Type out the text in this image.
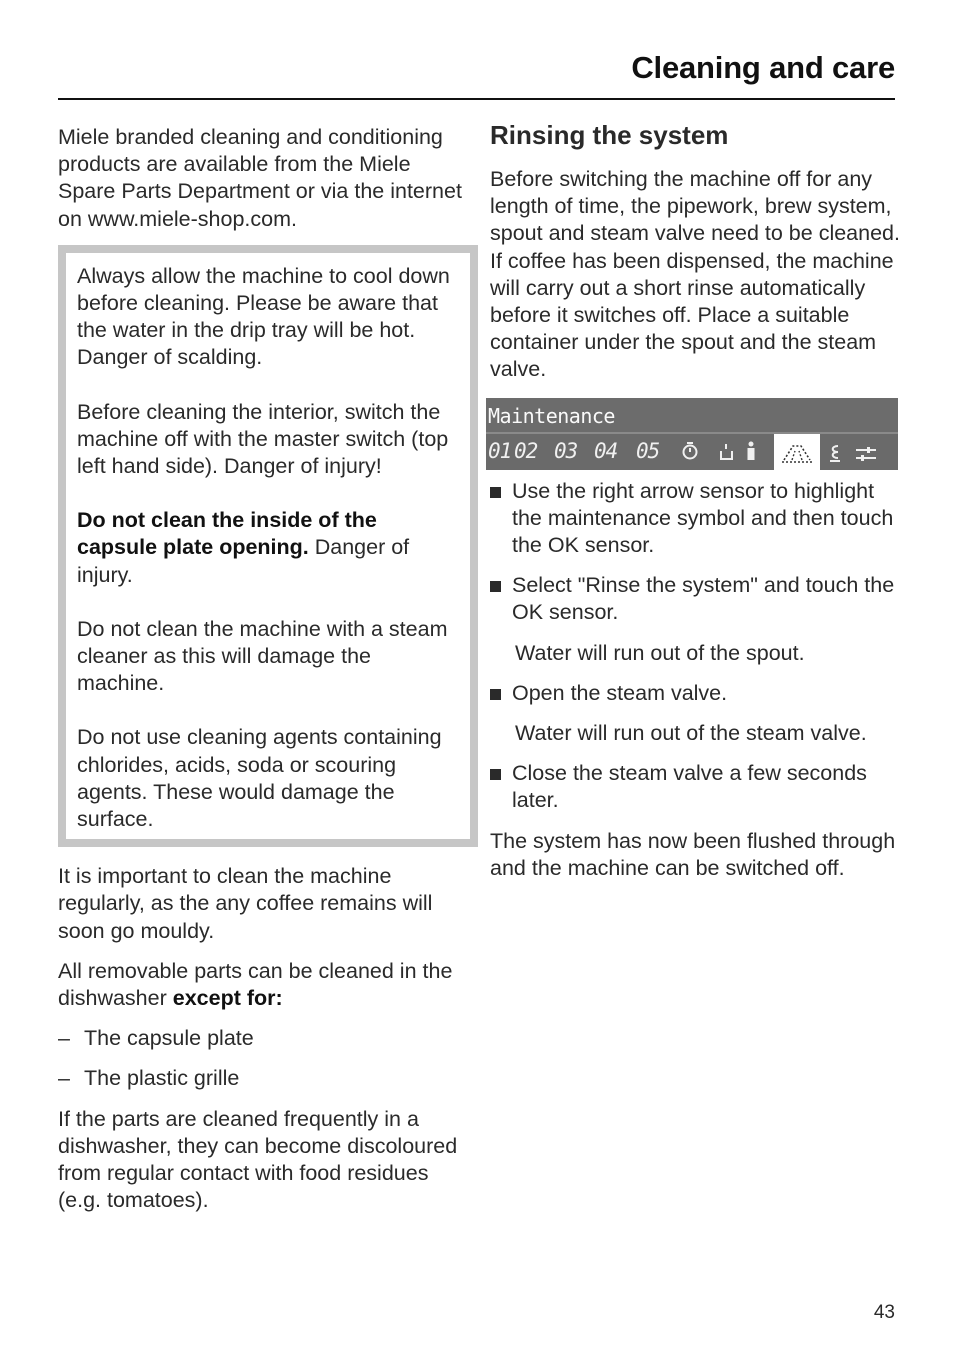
Cleaning and care

Miele branded cleaning and conditioning products are available from the Miele Spare Parts Department or via the internet on www.miele-shop.com.

Always allow the machine to cool down before cleaning. Please be aware that the water in the drip tray will be hot. Danger of scalding.

Before cleaning the interior, switch the machine off with the master switch (top left hand side). Danger of injury!

Do not clean the inside of the capsule plate opening. Danger of injury.

Do not clean the machine with a steam cleaner as this will damage the machine.

Do not use cleaning agents containing chlorides, acids, soda or scouring agents. These would damage the surface.

It is important to clean the machine regularly, as the any coffee remains will soon go mouldy.

All removable parts can be cleaned in the dishwasher except for:

– The capsule plate
– The plastic grille

If the parts are cleaned frequently in a dishwasher, they can become discoloured from regular contact with food residues (e.g. tomatoes).

Rinsing the system

Before switching the machine off for any length of time, the pipework, brew system, spout and steam valve need to be cleaned.

If coffee has been dispensed, the machine will carry out a short rinse automatically before it switches off. Place a suitable container under the spout and the steam valve.

Maintenance
01 02 03 04 05
Use the right arrow sensor to highlight the maintenance symbol and then touch the OK sensor.
Select "Rinse the system" and touch the OK sensor.

Water will run out of the spout.

Open the steam valve.

Water will run out of the steam valve.

Close the steam valve a few seconds later.

The system has now been flushed through and the machine can be switched off.

43
